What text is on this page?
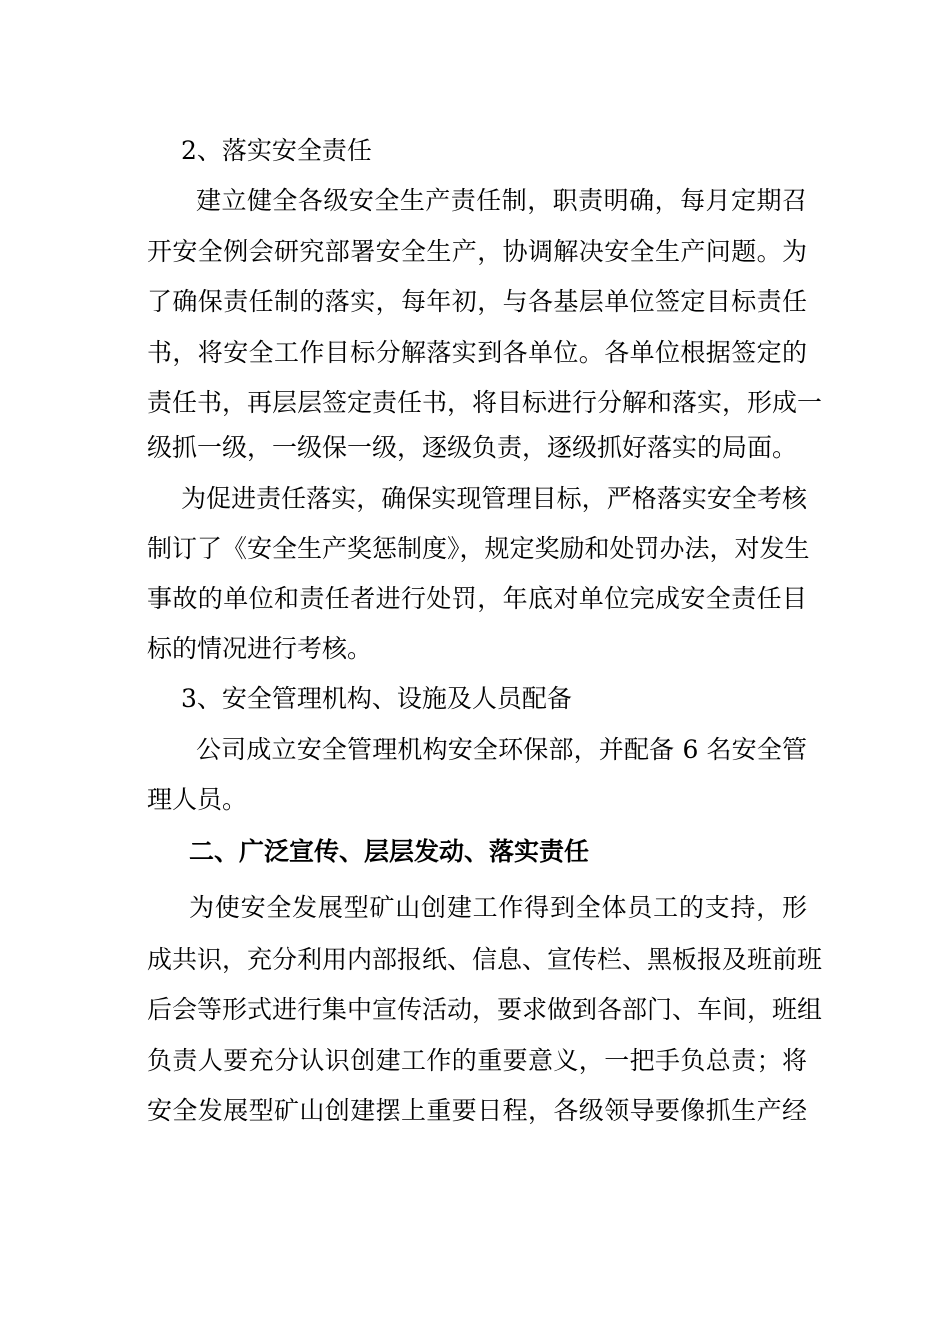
2、落实安全责任
建立健全各级安全生产责任制，职责明确，每月定期召
开安全例会研究部署安全生产，协调解决安全生产问题。为
了确保责任制的落实，每年初，与各基层单位签定目标责任
书，将安全工作目标分解落实到各单位。各单位根据签定的
责任书，再层层签定责任书，将目标进行分解和落实，形成一
级抓一级，一级保一级，逐级负责，逐级抓好落实的局面。
为促进责任落实，确保实现管理目标，严格落实安全考核
制订了《安全生产奖惩制度》，规定奖励和处罚办法，对发生
事故的单位和责任者进行处罚，年底对单位完成安全责任目
标的情况进行考核。
3、安全管理机构、设施及人员配备
公司成立安全管理机构安全环保部，并配备 6 名安全管
理人员。
二、广泛宣传、层层发动、落实责任
为使安全发展型矿山创建工作得到全体员工的支持，形
成共识，充分利用内部报纸、信息、宣传栏、黑板报及班前班
后会等形式进行集中宣传活动，要求做到各部门、车间，班组
负责人要充分认识创建工作的重要意义，一把手负总责；将
安全发展型矿山创建摆上重要日程，各级领导要像抓生产经
